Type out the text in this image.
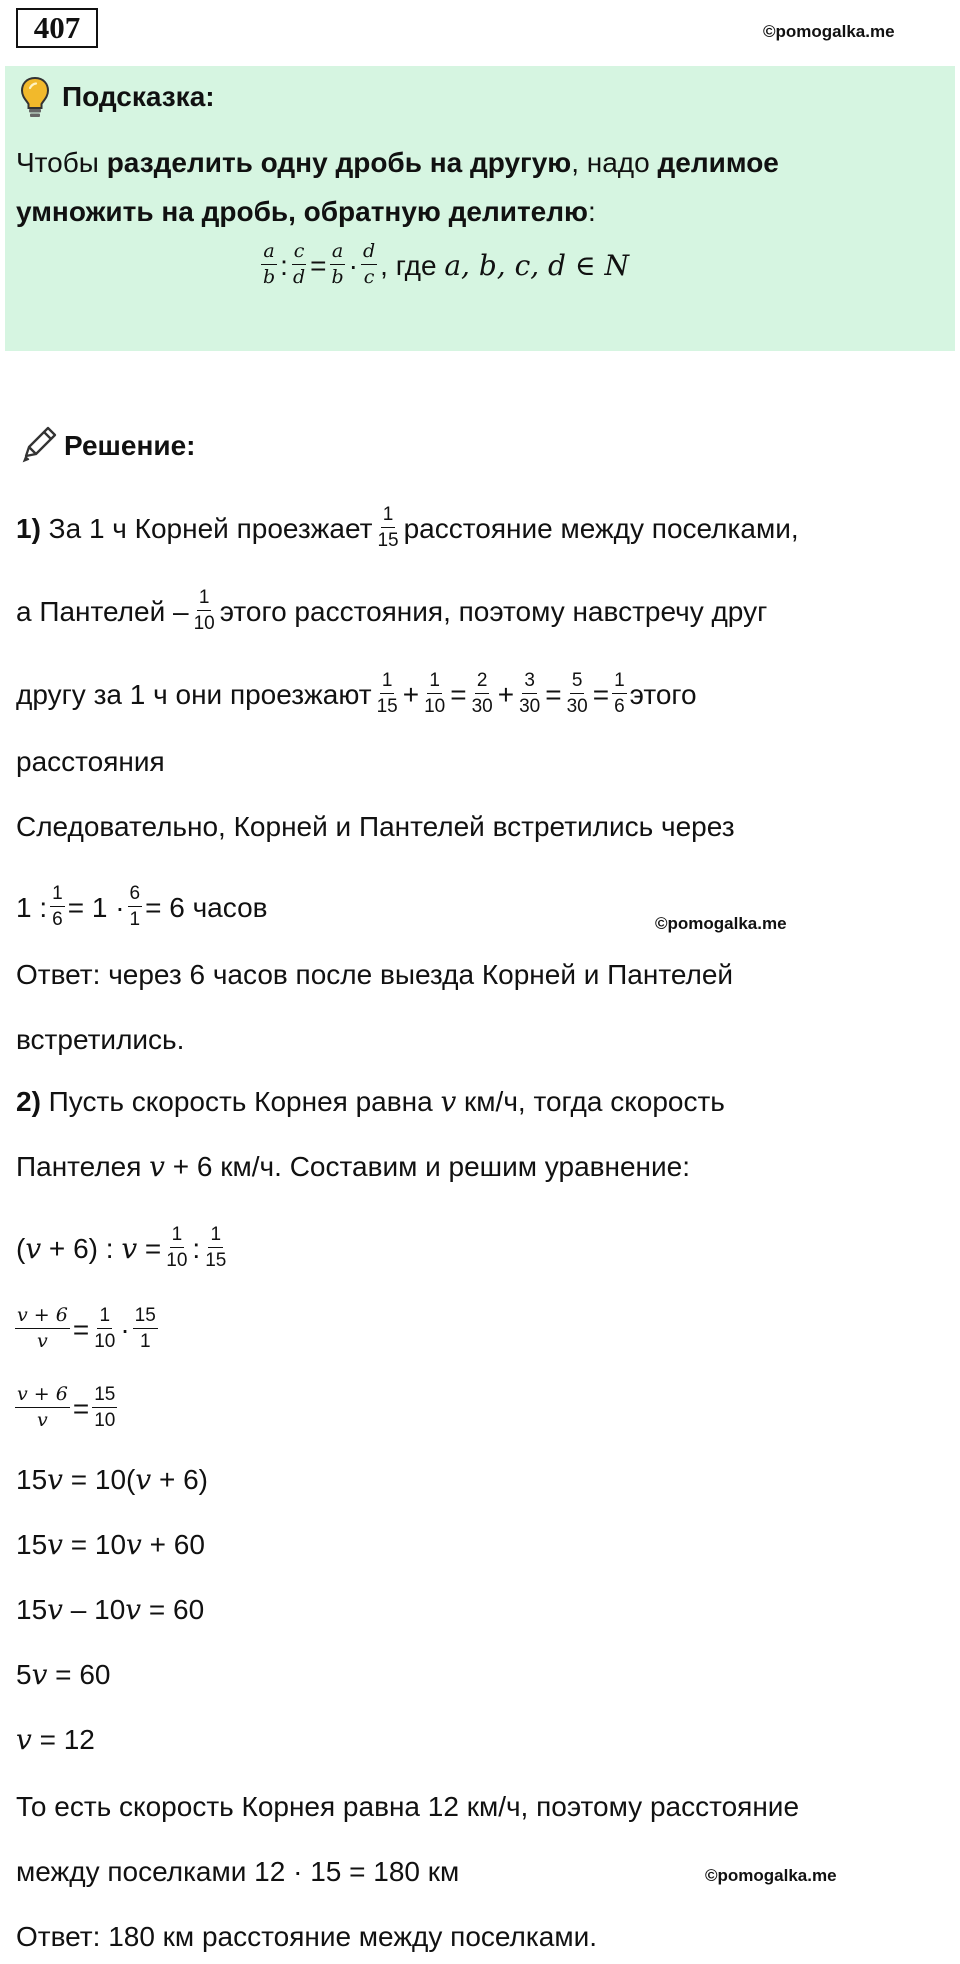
407	©pomogalka.me
Подсказка:
Чтобы разделить одну дробь на другую, надо делимое
умножить на дробь, обратную делителю:
$\frac{a}{b}$ : $\frac{c}{d} = \frac{a}{b} \cdot \frac{d}{c}$ , где a, b, c, d ∈ N
Решение:
1) За 1 ч Корней проезжает $\frac{1}{15}$ расстояние между поселками,
а Пантелей – $\frac{1}{10}$ этого расстояния, поэтому навстречу друг
другу за 1 ч они проезжают $\frac{1}{15} + \frac{1}{10} = \frac{2}{30} + \frac{3}{30} = \frac{5}{30} = \frac{1}{6}$ этого
расстояния
Следовательно, Корней и Пантелей встретились через
1 : $\frac{1}{6} = 1 \cdot \frac{6}{1} = 6$ часов
©pomogalka.me
Ответ: через 6 часов после выезда Корней и Пантелей
встретились.
2) Пусть скорость Корнея равна v км/ч, тогда скорость
Пантелея v + 6 км/ч. Составим и решим уравнение:
(v + 6) : $v = \frac{1}{10}$ : $\frac{1}{15}$
$\frac{v + 6}{v} = \frac{1}{10} \cdot \frac{15}{1}$
$\frac{v + 6}{v} = \frac{15}{10}$
15v = 10(v + 6)
15v = 10v + 60
15v – 10v = 60
5v = 60
v = 12
То есть скорость Корнея равна 12 км/ч, поэтому расстояние
между поселками 12 · 15 = 180 км	©pomogalka.me
Ответ: 180 км расстояние между поселками.
